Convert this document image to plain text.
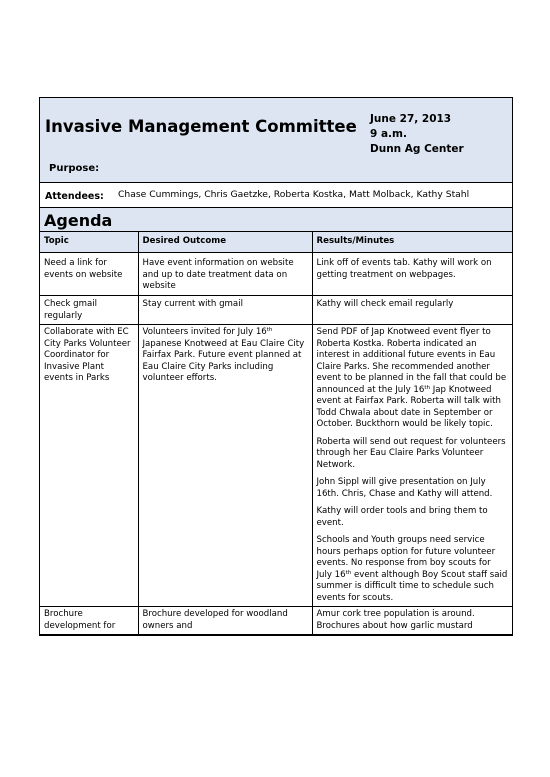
Invasive Management Committee June 27, 2013
9 a.m.
Dunn Ag Center
Purpose:
Attendees: Chase Cummings, Chris Gaetzke, Roberta Kostka, Matt Molback, Kathy Stahl
Agenda
Topic	Desired Outcome	Results/Minutes
Need a link for events on website	Have event information on website and up to date treatment data on website	Link off of events tab. Kathy will work on getting treatment on webpages.
Check gmail regularly	Stay current with gmail	Kathy will check email regularly
Collaborate with EC City Parks Volunteer Coordinator for Invasive Plant events in Parks	Volunteers invited for July 16th Japanese Knotweed at Eau Claire City Fairfax Park. Future event planned at Eau Claire City Parks including volunteer efforts.	Send PDF of Jap Knotweed event flyer to Roberta Kostka. Roberta indicated an interest in additional future events in Eau Claire Parks. She recommended another event to be planned in the fall that could be announced at the July 16th Jap Knotweed event at Fairfax Park. Roberta will talk with Todd Chwala about date in September or October. Buckthorn would be likely topic.

Roberta will send out request for volunteers through her Eau Claire Parks Volunteer Network.

John Sippl will give presentation on July 16th. Chris, Chase and Kathy will attend.

Kathy will order tools and bring them to event.

Schools and Youth groups need service hours perhaps option for future volunteer events. No response from boy scouts for July 16th event although Boy Scout staff said summer is difficult time to schedule such events for scouts.

Brochure development for	Brochure developed for woodland owners and	Amur cork tree population is around. Brochures about how garlic mustard
